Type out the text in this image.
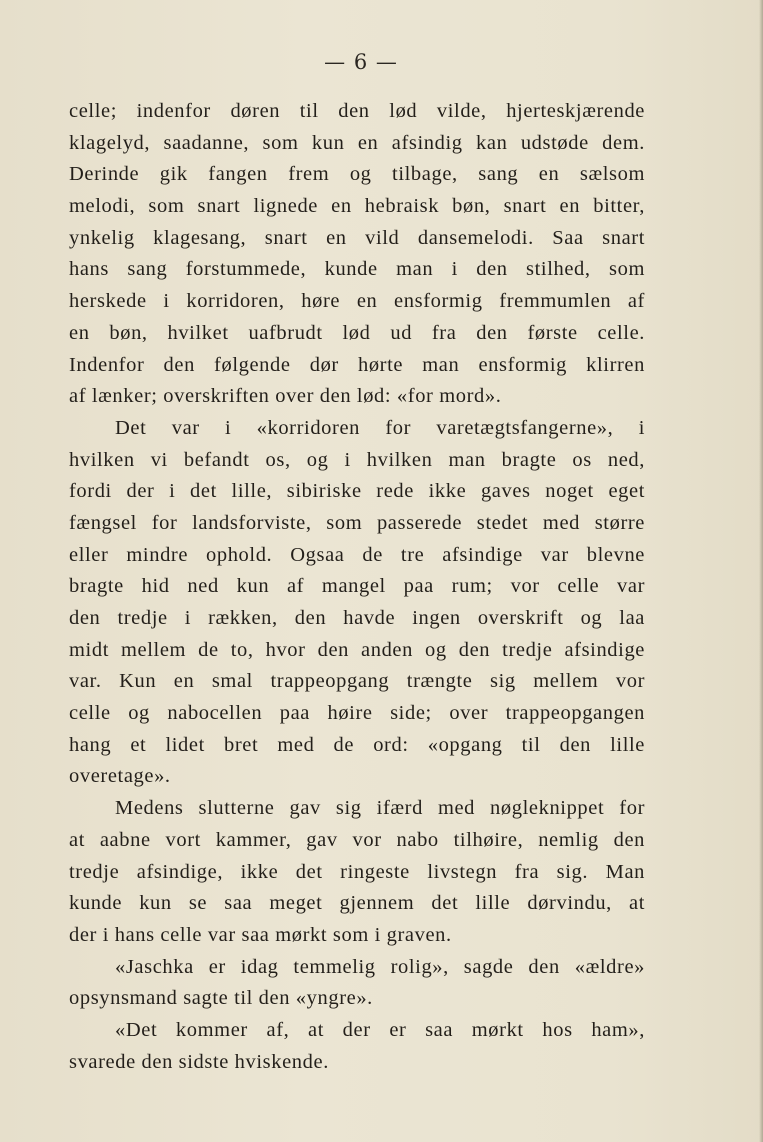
— 6 —
celle; indenfor døren til den lød vilde, hjerteskjærende
klagelyd, saadanne, som kun en afsindig kan udstøde dem.
Derinde gik fangen frem og tilbage, sang en sælsom
melodi, som snart lignede en hebraisk bøn, snart en bitter,
ynkelig klagesang, snart en vild dansemelodi. Saa snart
hans sang forstummede, kunde man i den stilhed, som
herskede i korridoren, høre en ensformig fremmumlen af
en bøn, hvilket uafbrudt lød ud fra den første celle.
Indenfor den følgende dør hørte man ensformig klirren
af lænker; overskriften over den lød: «for mord».
Det var i «korridoren for varetægtsfangerne», i
hvilken vi befandt os, og i hvilken man bragte os ned,
fordi der i det lille, sibiriske rede ikke gaves noget eget
fængsel for landsforviste, som passerede stedet med større
eller mindre ophold. Ogsaa de tre afsindige var blevne
bragte hid ned kun af mangel paa rum; vor celle var
den tredje i rækken, den havde ingen overskrift og laa
midt mellem de to, hvor den anden og den tredje afsindige
var. Kun en smal trappeopgang trængte sig mellem vor
celle og nabocellen paa høire side; over trappeopgangen
hang et lidet bret med de ord: «opgang til den lille
overetage».
Medens slutterne gav sig ifærd med nøgleknippet for
at aabne vort kammer, gav vor nabo tilhøire, nemlig den
tredje afsindige, ikke det ringeste livstegn fra sig. Man
kunde kun se saa meget gjennem det lille dørvindu, at
der i hans celle var saa mørkt som i graven.
«Jaschka er idag temmelig rolig», sagde den «ældre»
opsynsmand sagte til den «yngre».
«Det kommer af, at der er saa mørkt hos ham»,
svarede den sidste hviskende.
